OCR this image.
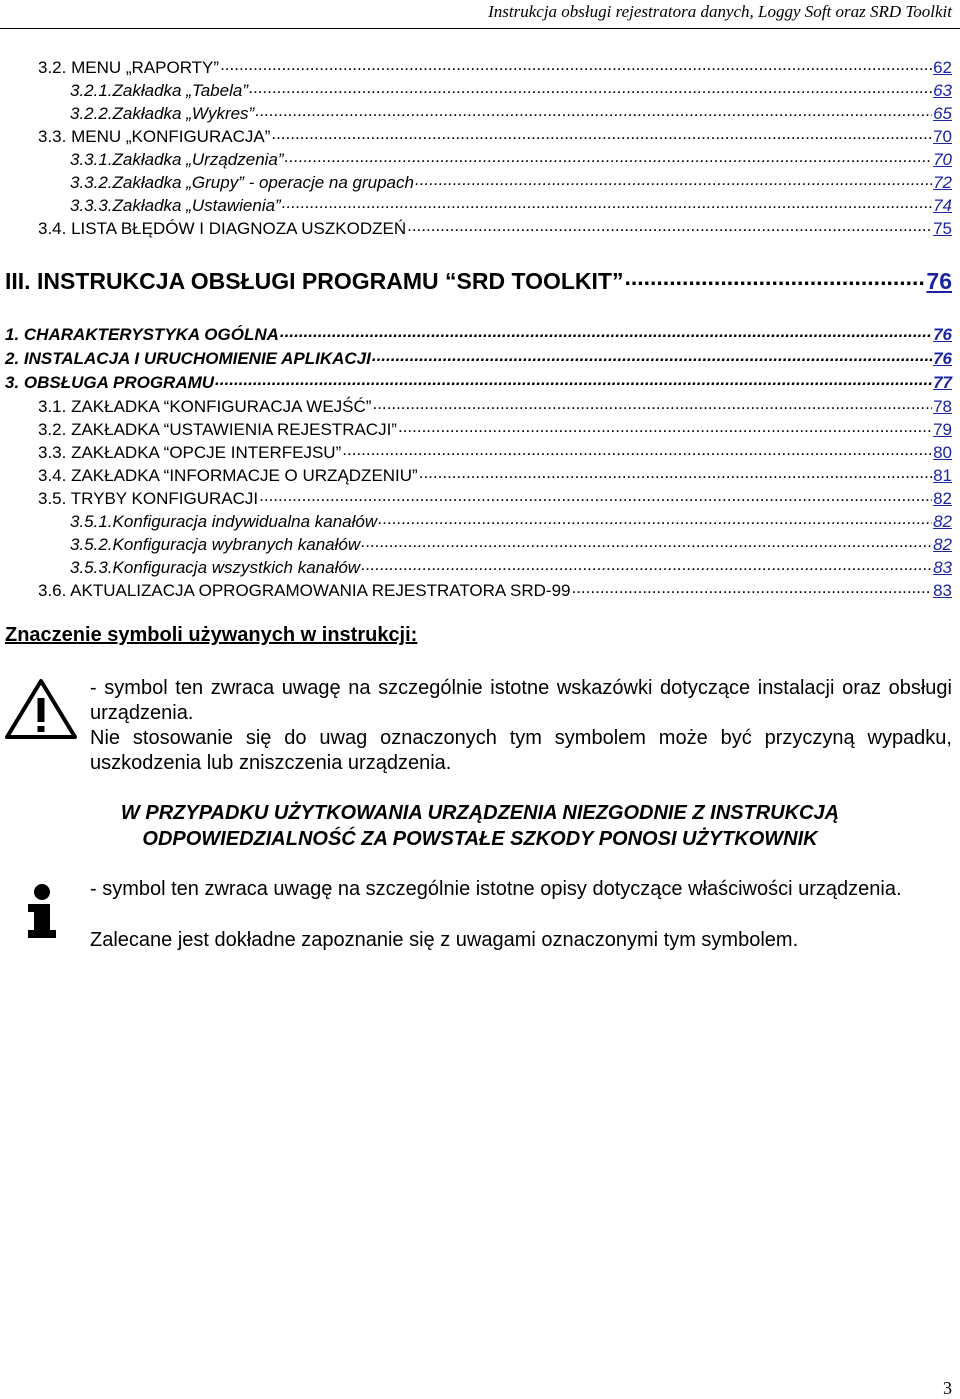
Instrukcja obsługi rejestratora danych, Loggy Soft oraz SRD Toolkit
3.2. MENU „RAPORTY” .....	62
3.2.1.Zakładka „Tabela” .....	63
3.2.2.Zakładka „Wykres” .....	65
3.3. MENU „KONFIGURACJA” .....	70
3.3.1.Zakładka „Urządzenia” .....	70
3.3.2.Zakładka „Grupy” - operacje na grupach .....	72
3.3.3.Zakładka „Ustawienia” .....	74
3.4. LISTA BŁĘDÓW I DIAGNOZA USZKODZEŃ .....	75
III. INSTRUKCJA OBSŁUGI PROGRAMU “SRD TOOLKIT” .....	76
1. CHARAKTERYSTYKA OGÓLNA .....	76
2. INSTALACJA I URUCHOMIENIE APLIKACJI .....	76
3. OBSŁUGA PROGRAMU .....	77
3.1. ZAKŁADKA “KONFIGURACJA WEJŚĆ” .....	78
3.2. ZAKŁADKA “USTAWIENIA REJESTRACJI” .....	79
3.3. ZAKŁADKA “OPCJE INTERFEJSU” .....	80
3.4. ZAKŁADKA “INFORMACJE O URZĄDZENIU” .....	81
3.5. TRYBY KONFIGURACJI .....	82
3.5.1.Konfiguracja indywidualna kanałów .....	82
3.5.2.Konfiguracja wybranych kanałów .....	82
3.5.3.Konfiguracja wszystkich kanałów .....	83
3.6. AKTUALIZACJA OPROGRAMOWANIA REJESTRATORA SRD-99 .....	83
Znaczenie symboli używanych w instrukcji:
- symbol ten zwraca uwagę na szczególnie istotne wskazówki dotyczące instalacji oraz obsługi urządzenia.
Nie stosowanie się do uwag oznaczonych tym symbolem może być przyczyną wypadku, uszkodzenia lub zniszczenia urządzenia.
W PRZYPADKU UŻYTKOWANIA URZĄDZENIA NIEZGODNIE Z INSTRUKCJĄ
ODPOWIEDZIALNOŚĆ ZA POWSTAŁE SZKODY PONOSI UŻYTKOWNIK
- symbol ten zwraca uwagę na szczególnie istotne opisy dotyczące właściwości urządzenia.
Zalecane jest dokładne zapoznanie się z uwagami oznaczonymi tym symbolem.
3
